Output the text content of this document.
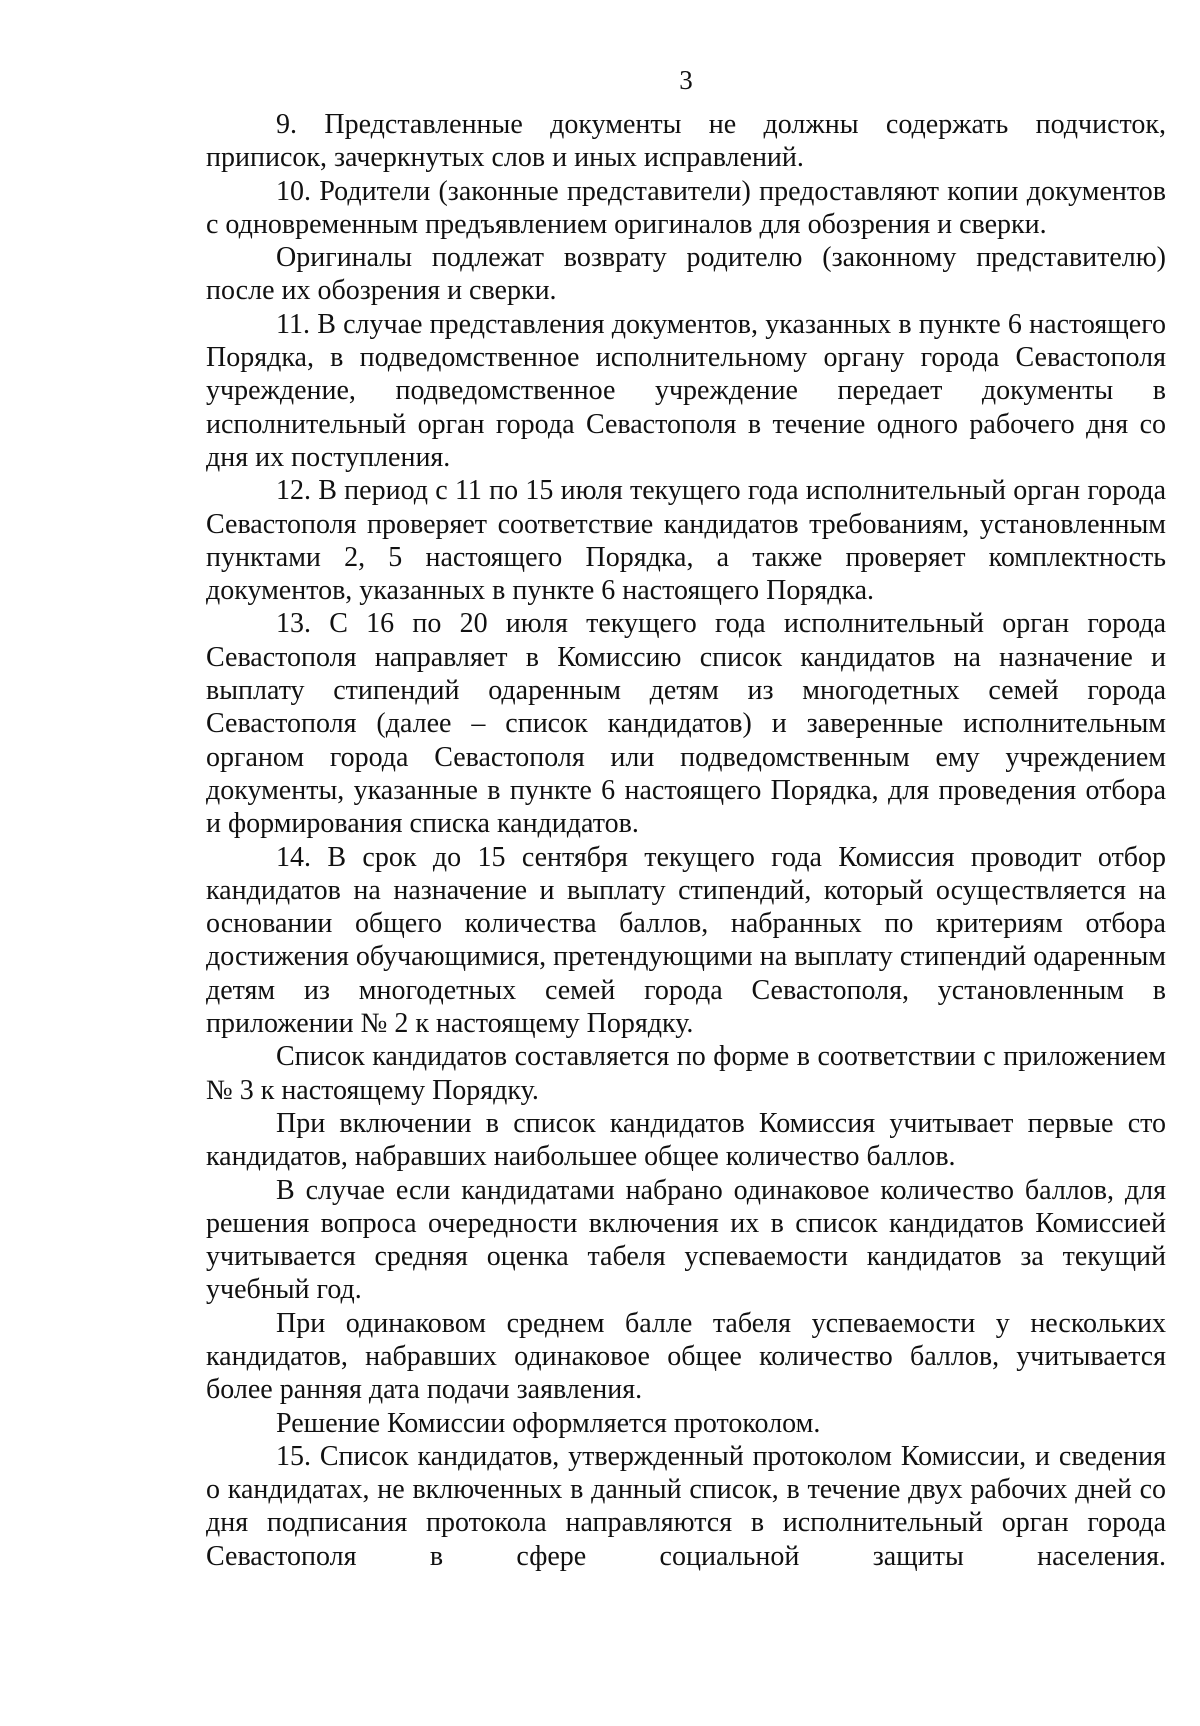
3

9. Представленные документы не должны содержать подчисток, приписок, зачеркнутых слов и иных исправлений.

10. Родители (законные представители) предоставляют копии документов с одновременным предъявлением оригиналов для обозрения и сверки.

Оригиналы подлежат возврату родителю (законному представителю) после их обозрения и сверки.

11. В случае представления документов, указанных в пункте 6 настоящего Порядка, в подведомственное исполнительному органу города Севастополя учреждение, подведомственное учреждение передает документы в исполнительный орган города Севастополя в течение одного рабочего дня со дня их поступления.

12. В период с 11 по 15 июля текущего года исполнительный орган города Севастополя проверяет соответствие кандидатов требованиям, установленным пунктами 2, 5 настоящего Порядка, а также проверяет комплектность документов, указанных в пункте 6 настоящего Порядка.

13. С 16 по 20 июля текущего года исполнительный орган города Севастополя направляет в Комиссию список кандидатов на назначение и выплату стипендий одаренным детям из многодетных семей города Севастополя (далее – список кандидатов) и заверенные исполнительным органом города Севастополя или подведомственным ему учреждением документы, указанные в пункте 6 настоящего Порядка, для проведения отбора и формирования списка кандидатов.

14. В срок до 15 сентября текущего года Комиссия проводит отбор кандидатов на назначение и выплату стипендий, который осуществляется на основании общего количества баллов, набранных по критериям отбора достижения обучающимися, претендующими на выплату стипендий одаренным детям из многодетных семей города Севастополя, установленным в приложении № 2 к настоящему Порядку.

Список кандидатов составляется по форме в соответствии с приложением № 3 к настоящему Порядку.

При включении в список кандидатов Комиссия учитывает первые сто кандидатов, набравших наибольшее общее количество баллов.

В случае если кандидатами набрано одинаковое количество баллов, для решения вопроса очередности включения их в список кандидатов Комиссией учитывается средняя оценка табеля успеваемости кандидатов за текущий учебный год.

При одинаковом среднем балле табеля успеваемости у нескольких кандидатов, набравших одинаковое общее количество баллов, учитывается более ранняя дата подачи заявления.

Решение Комиссии оформляется протоколом.

15. Список кандидатов, утвержденный протоколом Комиссии, и сведения о кандидатах, не включенных в данный список, в течение двух рабочих дней со дня подписания протокола направляются в исполнительный орган города Севастополя в сфере социальной защиты населения.
